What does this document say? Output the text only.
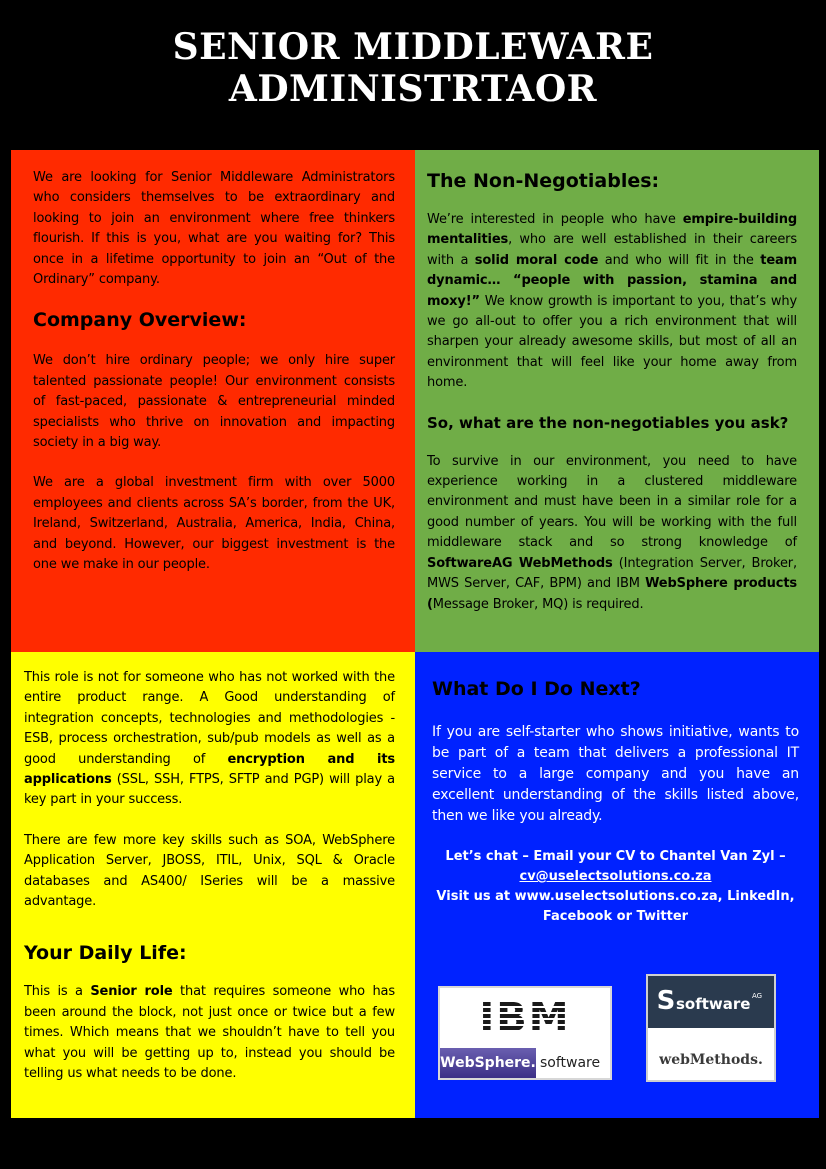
SENIOR MIDDLEWARE
ADMINISTRTAOR

We are looking for Senior Middleware Administrators who considers themselves to be extraordinary and looking to join an environment where free thinkers flourish. If this is you, what are you waiting for? This once in a lifetime opportunity to join an “Out of the Ordinary” company.

Company Overview:

We don’t hire ordinary people; we only hire super talented passionate people! Our environment consists of fast-paced, passionate & entrepreneurial minded specialists who thrive on innovation and impacting society in a big way.

We are a global investment firm with over 5000 employees and clients across SA’s border, from the UK, Ireland, Switzerland, Australia, America, India, China, and beyond. However, our biggest investment is the one we make in our people.

The Non-Negotiables:

We’re interested in people who have empire-building mentalities, who are well established in their careers with a solid moral code and who will fit in the team dynamic… “people with passion, stamina and moxy!” We know growth is important to you, that’s why we go all-out to offer you a rich environment that will sharpen your already awesome skills, but most of all an environment that will feel like your home away from home.

So, what are the non-negotiables you ask?

To survive in our environment, you need to have experience working in a clustered middleware environment and must have been in a similar role for a good number of years. You will be working with the full middleware stack and so strong knowledge of SoftwareAG WebMethods (Integration Server, Broker, MWS Server, CAF, BPM) and IBM WebSphere products (Message Broker, MQ) is required.

This role is not for someone who has not worked with the entire product range. A Good understanding of integration concepts, technologies and methodologies - ESB, process orchestration, sub/pub models as well as a good understanding of encryption and its applications (SSL, SSH, FTPS, SFTP and PGP) will play a key part in your success.

There are few more key skills such as SOA, WebSphere Application Server, JBOSS, ITIL, Unix, SQL & Oracle databases and AS400/ ISeries will be a massive advantage.

Your Daily Life:

This is a Senior role that requires someone who has been around the block, not just once or twice but a few times. Which means that we shouldn’t have to tell you what you will be getting up to, instead you should be telling us what needs to be done.

What Do I Do Next?

If you are self-starter who shows initiative, wants to be part of a team that delivers a professional IT service to a large company and you have an excellent understanding of the skills listed above, then we like you already.

Let’s chat – Email your CV to Chantel Van Zyl –

cv@uselectsolutions.co.za

Visit us at www.uselectsolutions.co.za, LinkedIn,

Facebook or Twitter

IBM
WebSphere. software
S software AG
webMethods.
